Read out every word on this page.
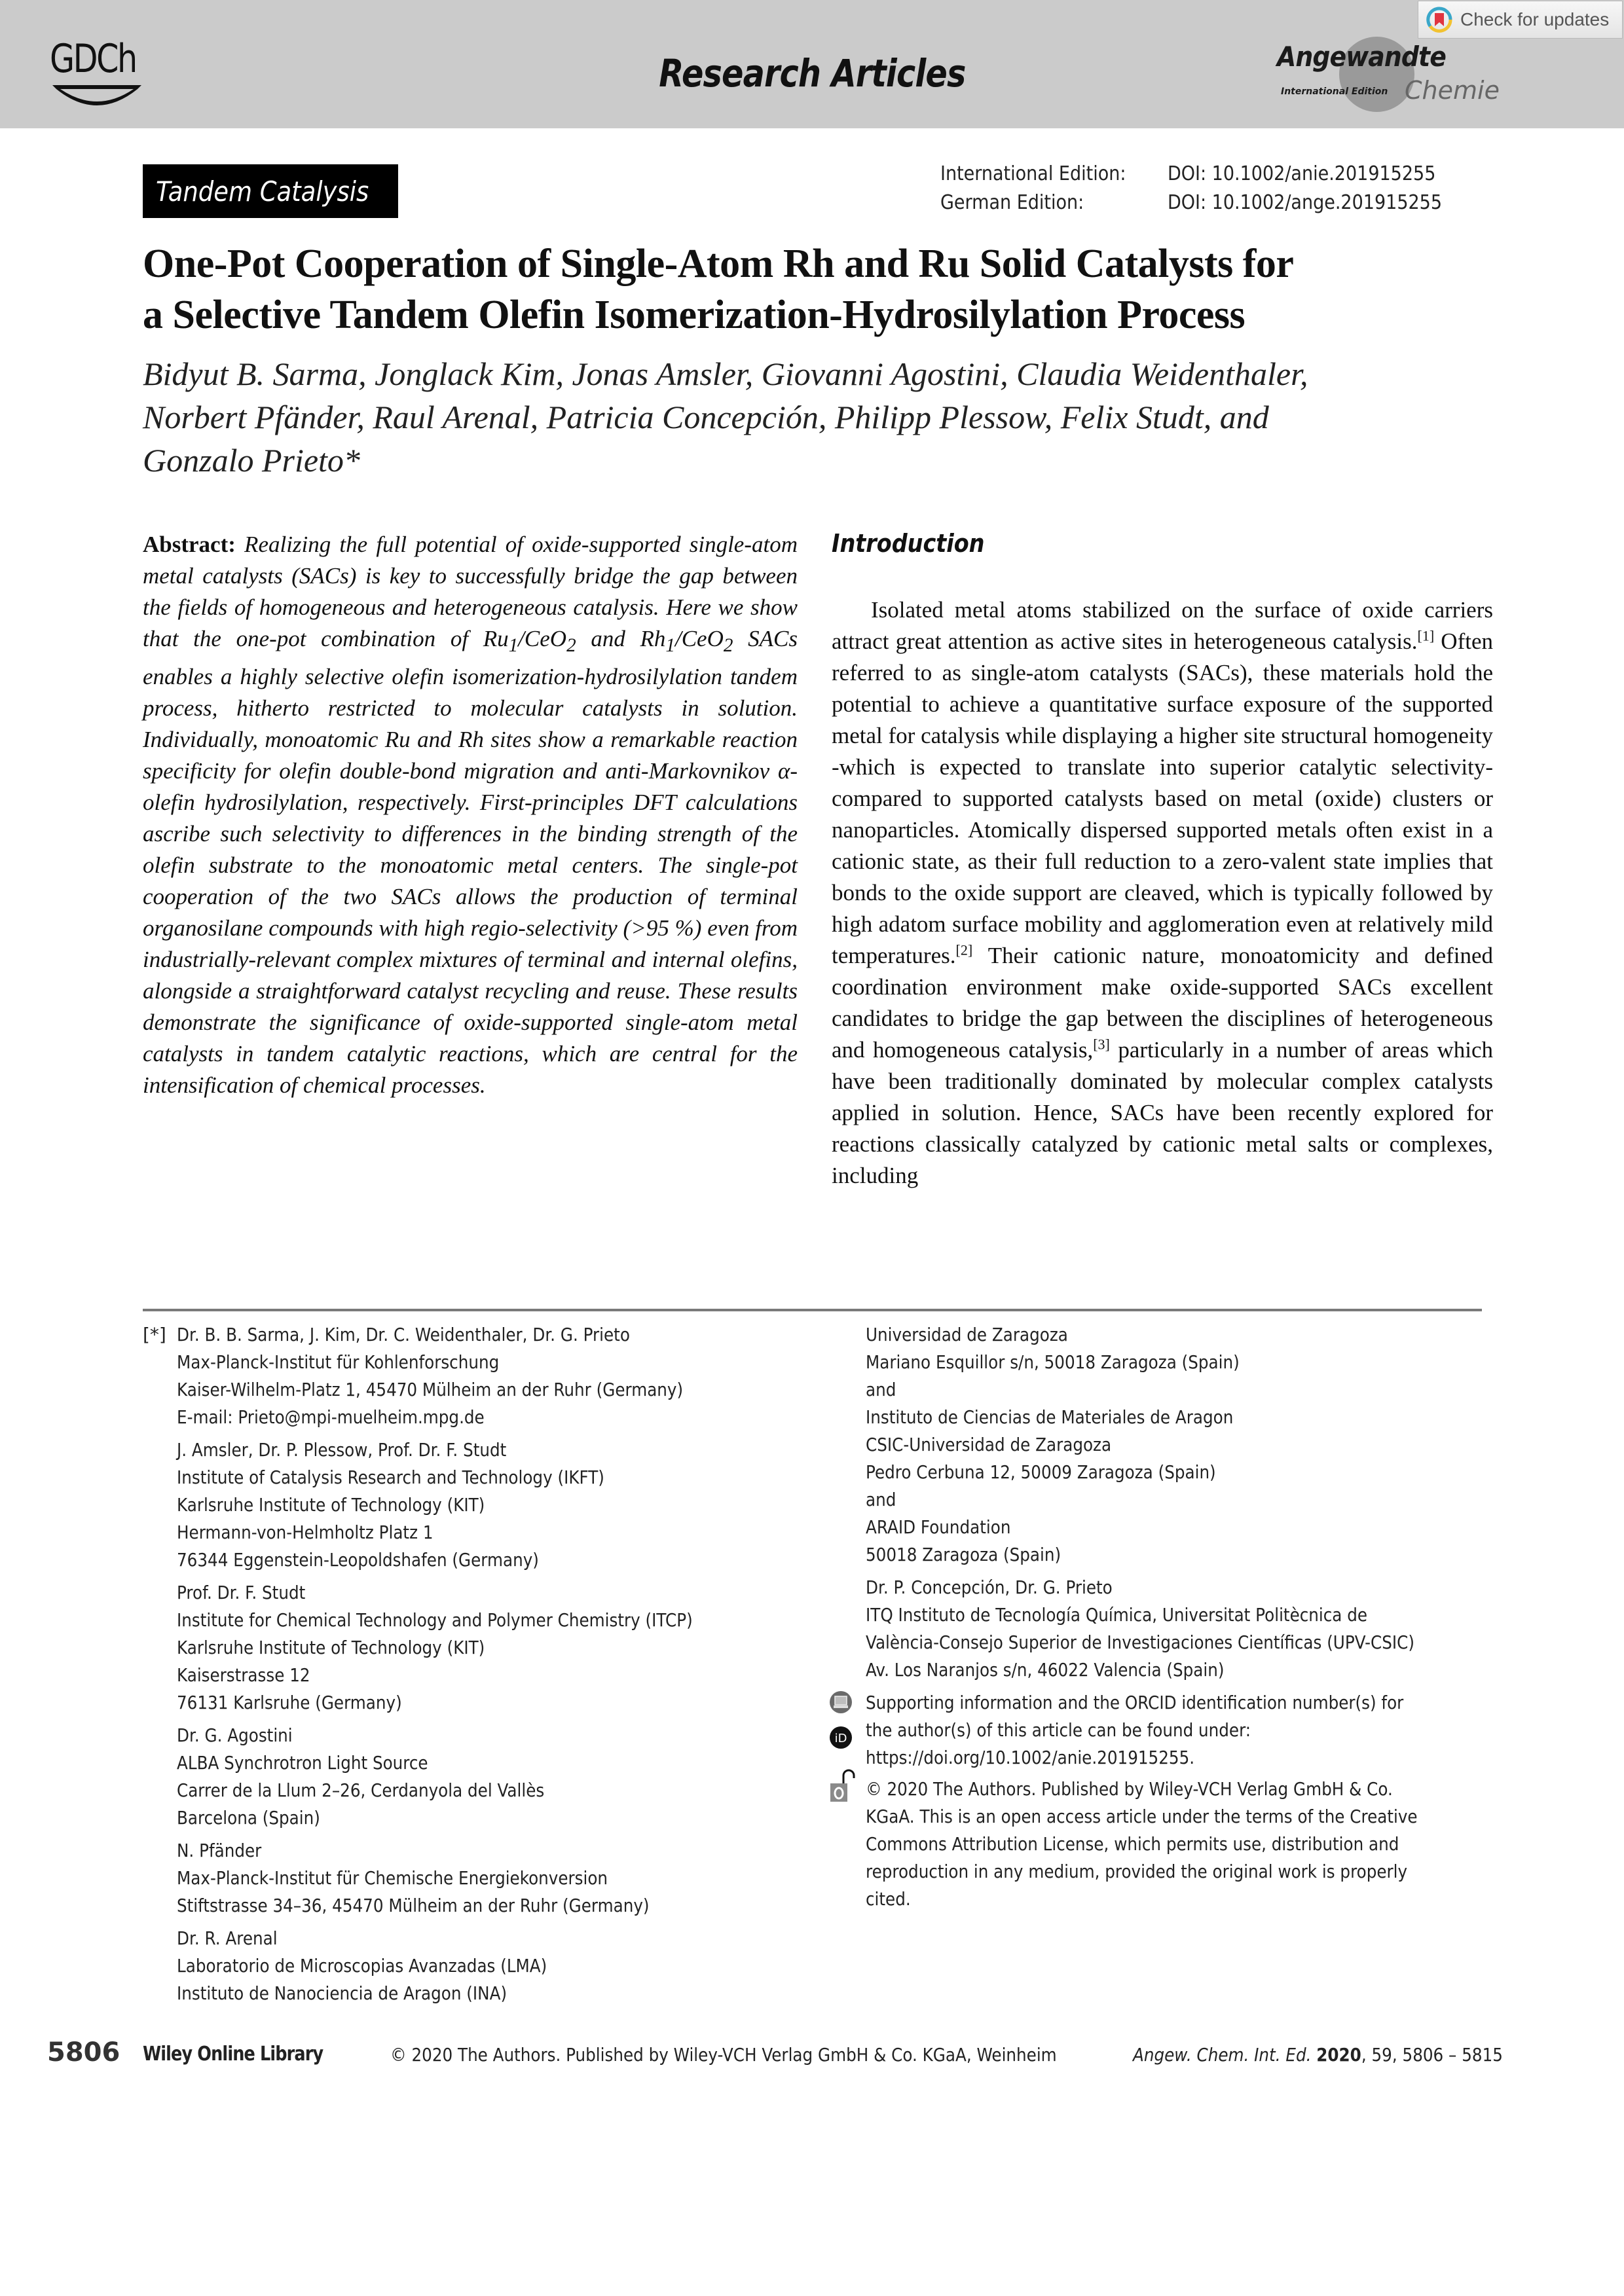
GDCh	Research Articles	Angewandte
International Edition Chemie
Check for updates
Tandem Catalysis
International Edition:	DOI: 10.1002/anie.201915255
German Edition:	DOI: 10.1002/ange.201915255
One-Pot Cooperation of Single-Atom Rh and Ru Solid Catalysts for
a Selective Tandem Olefin Isomerization-Hydrosilylation Process
Bidyut B. Sarma, Jonglack Kim, Jonas Amsler, Giovanni Agostini, Claudia Weidenthaler,
Norbert Pfänder, Raul Arenal, Patricia Concepción, Philipp Plessow, Felix Studt, and
Gonzalo Prieto*

Abstract: Realizing the full potential of oxide-supported single-atom metal catalysts (SACs) is key to successfully bridge the gap between the fields of homogeneous and heterogeneous catalysis. Here we show that the one-pot combination of $Ru_1/CeO_2$ and $Rh_1/CeO_2$ SACs enables a highly selective olefin isomerization-hydrosilylation tandem process, hitherto restricted to molecular catalysts in solution. Individually, monoatomic Ru and Rh sites show a remarkable reaction specificity for olefin double-bond migration and anti-Markovnikov α-olefin hydrosilylation, respectively. First-principles DFT calculations ascribe such selectivity to differences in the binding strength of the olefin substrate to the monoatomic metal centers. The single-pot cooperation of the two SACs allows the production of terminal organosilane compounds with high regio-selectivity (>95 %) even from industrially-relevant complex mixtures of terminal and internal olefins, alongside a straightforward catalyst recycling and reuse. These results demonstrate the significance of oxide-supported single-atom metal catalysts in tandem catalytic reactions, which are central for the intensification of chemical processes.

Introduction

Isolated metal atoms stabilized on the surface of oxide carriers attract great attention as active sites in heterogeneous catalysis.[1] Often referred to as single-atom catalysts (SACs), these materials hold the potential to achieve a quantitative surface exposure of the supported metal for catalysis while displaying a higher site structural homogeneity -which is expected to translate into superior catalytic selectivity- compared to supported catalysts based on metal (oxide) clusters or nanoparticles. Atomically dispersed supported metals often exist in a cationic state, as their full reduction to a zero-valent state implies that bonds to the oxide support are cleaved, which is typically followed by high adatom surface mobility and agglomeration even at relatively mild temperatures.[2] Their cationic nature, monoatomicity and defined coordination environment make oxide-supported SACs excellent candidates to bridge the gap between the disciplines of heterogeneous and homogeneous catalysis,[3] particularly in a number of areas which have been traditionally dominated by molecular complex catalysts applied in solution. Hence, SACs have been recently explored for reactions classically catalyzed by cationic metal salts or complexes, including

[*] Dr. B. B. Sarma, J. Kim, Dr. C. Weidenthaler, Dr. G. Prieto
Max-Planck-Institut für Kohlenforschung
Kaiser-Wilhelm-Platz 1, 45470 Mülheim an der Ruhr (Germany)
E-mail: Prieto@mpi-muelheim.mpg.de
J. Amsler, Dr. P. Plessow, Prof. Dr. F. Studt
Institute of Catalysis Research and Technology (IKFT)
Karlsruhe Institute of Technology (KIT)
Hermann-von-Helmholtz Platz 1
76344 Eggenstein-Leopoldshafen (Germany)
Prof. Dr. F. Studt
Institute for Chemical Technology and Polymer Chemistry (ITCP)
Karlsruhe Institute of Technology (KIT)
Kaiserstrasse 12
76131 Karlsruhe (Germany)
Dr. G. Agostini
ALBA Synchrotron Light Source
Carrer de la Llum 2–26, Cerdanyola del Vallès
Barcelona (Spain)
N. Pfänder
Max-Planck-Institut für Chemische Energiekonversion
Stiftstrasse 34–36, 45470 Mülheim an der Ruhr (Germany)
Dr. R. Arenal
Laboratorio de Microscopias Avanzadas (LMA)
Instituto de Nanociencia de Aragon (INA)
Universidad de Zaragoza
Mariano Esquillor s/n, 50018 Zaragoza (Spain)
and
Instituto de Ciencias de Materiales de Aragon
CSIC-Universidad de Zaragoza
Pedro Cerbuna 12, 50009 Zaragoza (Spain)
and
ARAID Foundation
50018 Zaragoza (Spain)
Dr. P. Concepción, Dr. G. Prieto
ITQ Instituto de Tecnología Química, Universitat Politècnica de
València-Consejo Superior de Investigaciones Científicas (UPV-CSIC)
Av. Los Naranjos s/n, 46022 Valencia (Spain)

iD
Supporting information and the ORCID identification number(s) for
the author(s) of this article can be found under:
https://doi.org/10.1002/anie.201915255.
© 2020 The Authors. Published by Wiley-VCH Verlag GmbH & Co.
KGaA. This is an open access article under the terms of the Creative
Commons Attribution License, which permits use, distribution and
reproduction in any medium, provided the original work is properly
cited.
5806 Wiley Online Library	© 2020 The Authors. Published by Wiley-VCH Verlag GmbH & Co. KGaA, Weinheim	Angew. Chem. Int. Ed. 2020, 59, 5806 – 5815
